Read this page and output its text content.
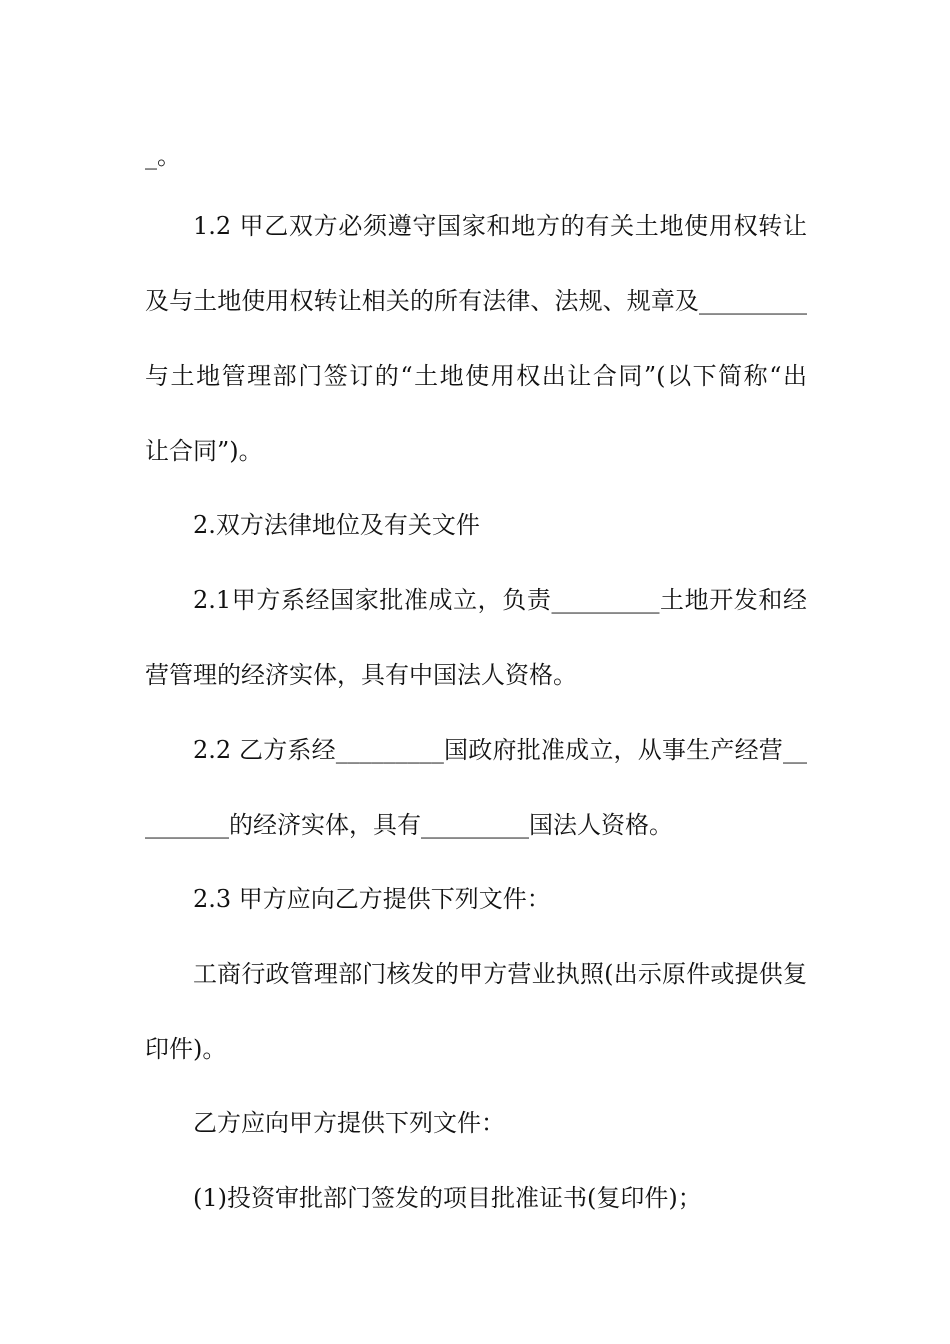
_。
1.2 甲乙双方必须遵守国家和地方的有关土地使用权转让
及与土地使用权转让相关的所有法律、法规、规章及_________
与土地管理部门签订的“土地使用权出让合同”(以下简称“出
让合同”)。
2.双方法律地位及有关文件
2.1甲方系经国家批准成立，负责_________土地开发和经
营管理的经济实体，具有中国法人资格。
2.2 乙方系经_________国政府批准成立，从事生产经营__
_______的经济实体，具有_________国法人资格。
2.3 甲方应向乙方提供下列文件：
工商行政管理部门核发的甲方营业执照(出示原件或提供复
印件)。
乙方应向甲方提供下列文件：
(1)投资审批部门签发的项目批准证书(复印件)；
